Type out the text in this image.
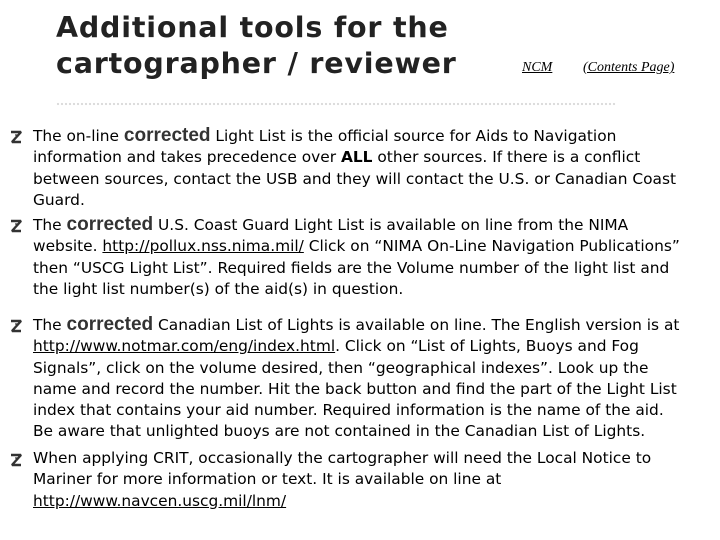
Additional tools for the
cartographer / reviewer	NCM (Contents Page)
The on-line corrected Light List is the official source for Aids to Navigation
information and takes precedence over ALL other sources. If there is a conflict
between sources, contact the USB and they will contact the U.S. or Canadian Coast
Guard.
The corrected U.S. Coast Guard Light List is available on line from the NIMA
website. http://pollux.nss.nima.mil/ Click on “NIMA On-Line Navigation Publications”
then “USCG Light List”. Required fields are the Volume number of the light list and
the light list number(s) of the aid(s) in question.
The corrected Canadian List of Lights is available on line. The English version is at
http://www.notmar.com/eng/index.html. Click on “List of Lights, Buoys and Fog
Signals”, click on the volume desired, then “geographical indexes”. Look up the
name and record the number. Hit the back button and find the part of the Light List
index that contains your aid number. Required information is the name of the aid.
Be aware that unlighted buoys are not contained in the Canadian List of Lights.
When applying CRIT, occasionally the cartographer will need the Local Notice to
Mariner for more information or text. It is available on line at
http://www.navcen.uscg.mil/lnm/
